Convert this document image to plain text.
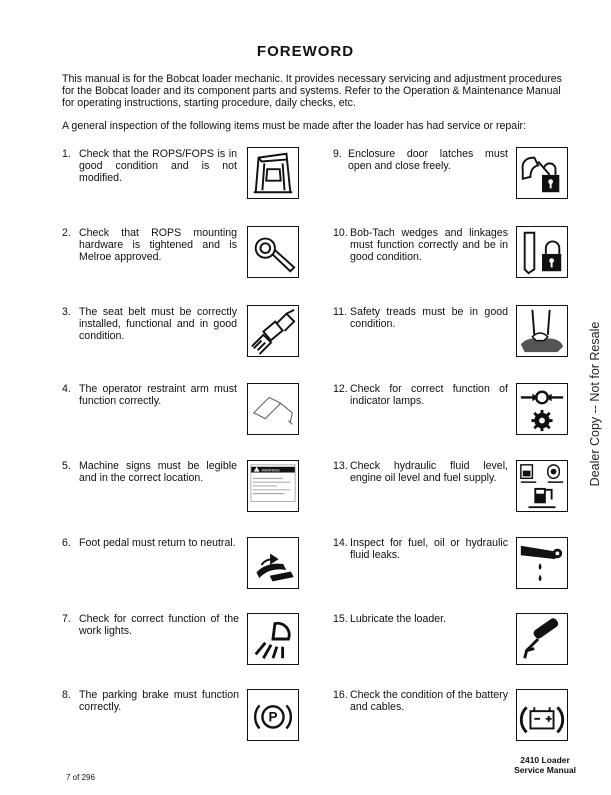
FOREWORD
This manual is for the Bobcat loader mechanic. It provides necessary servicing and adjustment procedures
for the Bobcat loader and its component parts and systems. Refer to the Operation & Maintenance Manual
for operating instructions, starting procedure, daily checks, etc.
A general inspection of the following items must be made after the loader has had service or repair:
1. Check that the ROPS/FOPS is in good condition and is not modified.
2. Check that ROPS mounting hardware is tightened and is Melroe approved.
3. The seat belt must be correctly installed, functional and in good condition.
4. The operator restraint arm must function correctly.
5. Machine signs must be legible and in the correct location.
6. Foot pedal must return to neutral.
7. Check for correct function of the work lights.
8. The parking brake must function correctly.
9. Enclosure door latches must open and close freely.
10. Bob-Tach wedges and linkages must function correctly and be in good condition.
11. Safety treads must be in good condition.
12. Check for correct function of indicator lamps.
13. Check hydraulic fluid level, engine oil level and fuel supply.
14. Inspect for fuel, oil or hydraulic fluid leaks.
15. Lubricate the loader.
16. Check the condition of the battery and cables.
WARNING
P
Dealer Copy -- Not for Resale
7 of 296
2410 Loader
Service Manual
